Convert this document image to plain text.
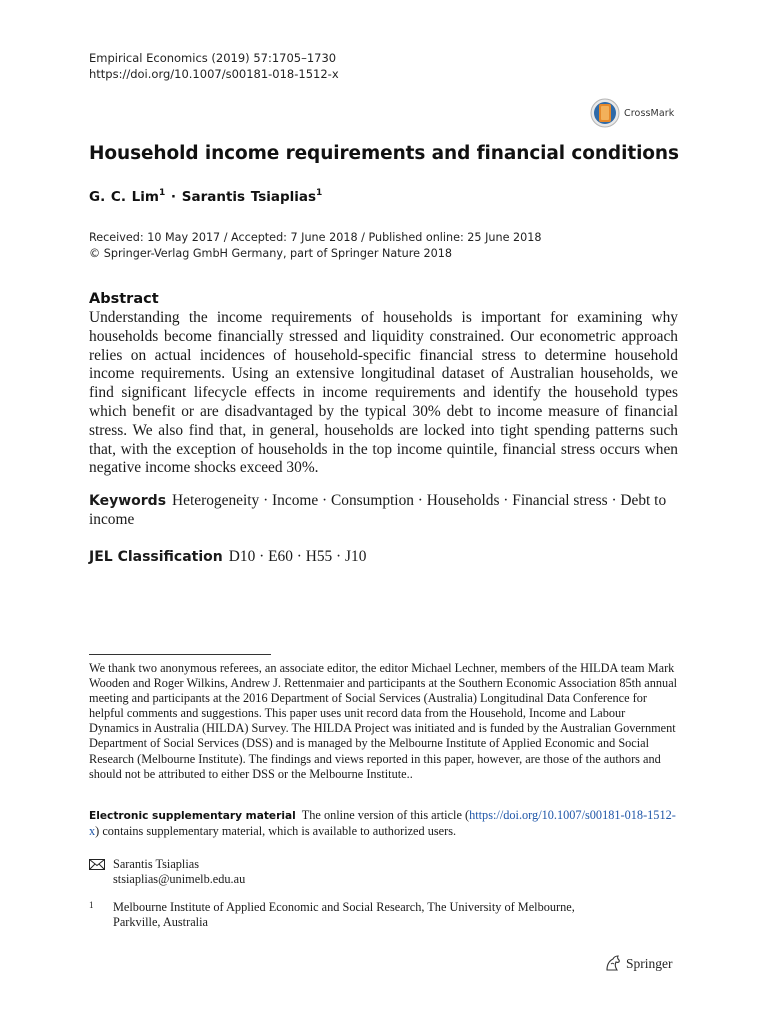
Empirical Economics (2019) 57:1705–1730
https://doi.org/10.1007/s00181-018-1512-x
CrossMark
Household income requirements and financial conditions
G. C. Lim$^1$ · Sarantis Tsiaplias$^1$
Received: 10 May 2017 / Accepted: 7 June 2018 / Published online: 25 June 2018
© Springer-Verlag GmbH Germany, part of Springer Nature 2018
Abstract
Understanding the income requirements of households is important for examining why households become financially stressed and liquidity constrained. Our econometric approach relies on actual incidences of household-specific financial stress to determine household income requirements. Using an extensive longitudinal dataset of Australian households, we find significant lifecycle effects in income requirements and identify the household types which benefit or are disadvantaged by the typical 30% debt to income measure of financial stress. We also find that, in general, households are locked into tight spending patterns such that, with the exception of households in the top income quintile, financial stress occurs when negative income shocks exceed 30%.
Keywords Heterogeneity · Income · Consumption · Households · Financial stress · Debt to income
JEL Classification D10 · E60 · H55 · J10
We thank two anonymous referees, an associate editor, the editor Michael Lechner, members of the HILDA team Mark Wooden and Roger Wilkins, Andrew J. Rettenmaier and participants at the Southern Economic Association 85th annual meeting and participants at the 2016 Department of Social Services (Australia) Longitudinal Data Conference for helpful comments and suggestions. This paper uses unit record data from the Household, Income and Labour Dynamics in Australia (HILDA) Survey. The HILDA Project was initiated and is funded by the Australian Government Department of Social Services (DSS) and is managed by the Melbourne Institute of Applied Economic and Social Research (Melbourne Institute). The findings and views reported in this paper, however, are those of the authors and should not be attributed to either DSS or the Melbourne Institute..
Electronic supplementary material The online version of this article (https://doi.org/10.1007/s00181-018-1512-x) contains supplementary material, which is available to authorized users.
Sarantis Tsiaplias
stsiaplias@unimelb.edu.au
1 Melbourne Institute of Applied Economic and Social Research, The University of Melbourne,
Parkville, Australia
Springer
